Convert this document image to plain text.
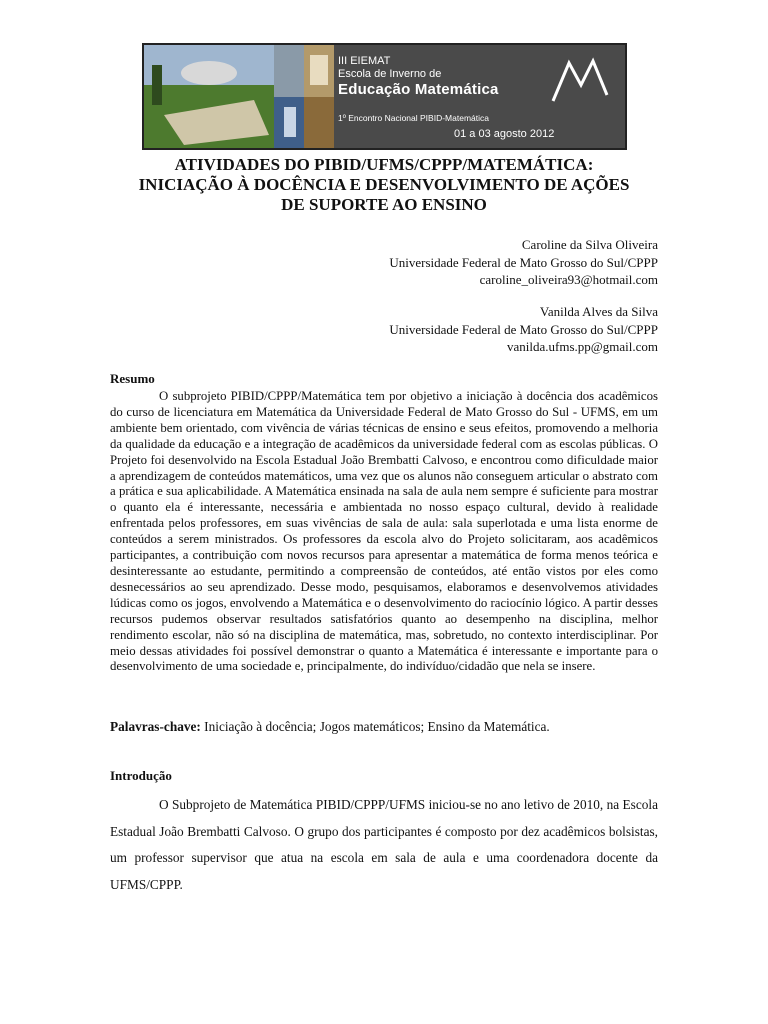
III EIEMAT
Escola de Inverno de
Educação Matemática
1º Encontro Nacional PIBID-Matemática
01 a 03 agosto 2012
ATIVIDADES DO PIBID/UFMS/CPPP/MATEMÁTICA:
INICIAÇÃO À DOCÊNCIA E DESENVOLVIMENTO DE AÇÕES
DE SUPORTE AO ENSINO
Caroline da Silva Oliveira
Universidade Federal de Mato Grosso do Sul/CPPP
caroline_oliveira93@hotmail.com
Vanilda Alves da Silva
Universidade Federal de Mato Grosso do Sul/CPPP
vanilda.ufms.pp@gmail.com
Resumo

O subprojeto PIBID/CPPP/Matemática tem por objetivo a iniciação à docência dos acadêmicos do curso de licenciatura em Matemática da Universidade Federal de Mato Grosso do Sul - UFMS, em um ambiente bem orientado, com vivência de várias técnicas de ensino e seus efeitos, promovendo a melhoria da qualidade da educação e a integração de acadêmicos da universidade federal com as escolas públicas. O Projeto foi desenvolvido na Escola Estadual João Brembatti Calvoso, e encontrou como dificuldade maior a aprendizagem de conteúdos matemáticos, uma vez que os alunos não conseguem articular o abstrato com a prática e sua aplicabilidade. A Matemática ensinada na sala de aula nem sempre é suficiente para mostrar o quanto ela é interessante, necessária e ambientada no nosso espaço cultural, devido à realidade enfrentada pelos professores, em suas vivências de sala de aula: sala superlotada e uma lista enorme de conteúdos a serem ministrados. Os professores da escola alvo do Projeto solicitaram, aos acadêmicos participantes, a contribuição com novos recursos para apresentar a matemática de forma menos teórica e desinteressante ao estudante, permitindo a compreensão de conteúdos, até então vistos por eles como desnecessários ao seu aprendizado. Desse modo, pesquisamos, elaboramos e desenvolvemos atividades lúdicas como os jogos, envolvendo a Matemática e o desenvolvimento do raciocínio lógico. A partir desses recursos pudemos observar resultados satisfatórios quanto ao desempenho na disciplina, melhor rendimento escolar, não só na disciplina de matemática, mas, sobretudo, no contexto interdisciplinar. Por meio dessas atividades foi possível demonstrar o quanto a Matemática é interessante e importante para o desenvolvimento de uma sociedade e, principalmente, do indivíduo/cidadão que nela se insere.

Palavras-chave: Iniciação à docência; Jogos matemáticos; Ensino da Matemática.
Introdução

O Subprojeto de Matemática PIBID/CPPP/UFMS iniciou-se no ano letivo de 2010, na Escola Estadual João Brembatti Calvoso. O grupo dos participantes é composto por dez acadêmicos bolsistas, um professor supervisor que atua na escola em sala de aula e uma coordenadora docente da UFMS/CPPP.
